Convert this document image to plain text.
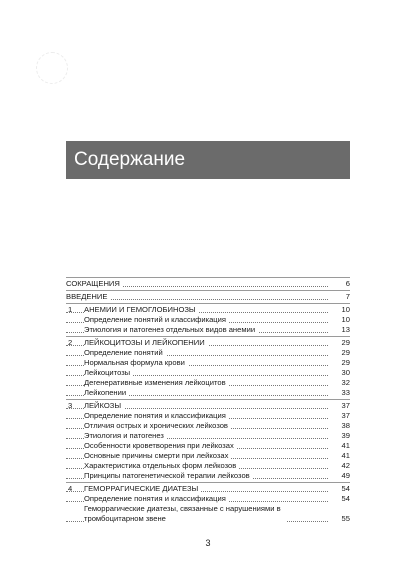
Содержание
СОКРАЩЕНИЯ	6
ВВЕДЕНИЕ	7
1	АНЕМИИ И ГЕМОГЛОБИНОЗЫ	10
Определение понятий и классификация	10
Этиология и патогенез отдельных видов анемии	13
2	ЛЕЙКОЦИТОЗЫ И ЛЕЙКОПЕНИИ	29
Определение понятий	29
Нормальная формула крови	29
Лейкоцитозы	30
Дегенеративные изменения лейкоцитов	32
Лейкопении	33
3	ЛЕЙКОЗЫ	37
Определение понятия и классификация	37
Отличия острых и хронических лейкозов	38
Этиология и патогенез	39
Особенности кроветворения при лейкозах	41
Основные причины смерти при лейкозах	41
Характеристика отдельных форм лейкозов	42
Принципы патогенетической терапии лейкозов	49
4	ГЕМОРРАГИЧЕСКИЕ ДИАТЕЗЫ	54
Определение понятия и классификация	54
Геморрагические диатезы, связанные с нарушениями в тромбоцитарном звене	55
3
